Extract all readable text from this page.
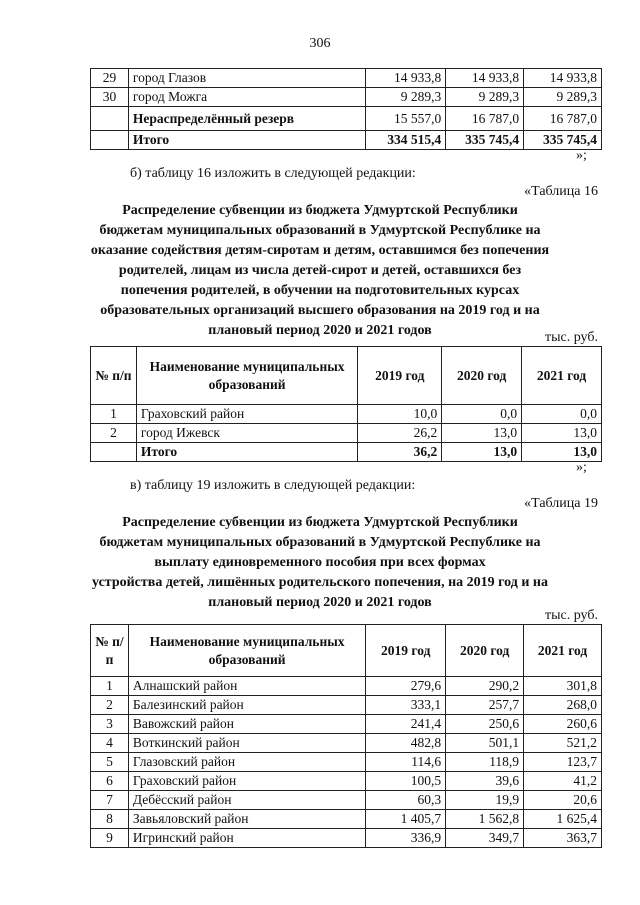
306
29	город Глазов	14 933,8	14 933,8	14 933,8
30	город Можга	9 289,3	9 289,3	9 289,3
	Нераспределённый резерв	15 557,0	16 787,0	16 787,0
	Итого	334 515,4	335 745,4	335 745,4
»;
б) таблицу 16 изложить в следующей редакции:
«Таблица 16
Распределение субвенции из бюджета Удмуртской Республики
бюджетам муниципальных образований в Удмуртской Республике на
оказание содействия детям-сиротам и детям, оставшимся без попечения
родителей, лицам из числа детей-сирот и детей, оставшихся без
попечения родителей, в обучении на подготовительных курсах
образовательных организаций высшего образования на 2019 год и на
плановый период 2020 и 2021 годов	тыс. руб.
№ п/п	Наименование муниципальных образований	2019 год	2020 год	2021 год
1	Граховский район	10,0	0,0	0,0
2	город Ижевск	26,2	13,0	13,0
	Итого	36,2	13,0	13,0
»;
в) таблицу 19 изложить в следующей редакции:
«Таблица 19
Распределение субвенции из бюджета Удмуртской Республики
бюджетам муниципальных образований в Удмуртской Республике на
выплату единовременного пособия при всех формах
устройства детей, лишённых родительского попечения, на 2019 год и на
плановый период 2020 и 2021 годов
тыс. руб.
№ п/п	Наименование муниципальных образований	2019 год	2020 год	2021 год
1	Алнашский район	279,6	290,2	301,8
2	Балезинский район	333,1	257,7	268,0
3	Вавожский район	241,4	250,6	260,6
4	Воткинский район	482,8	501,1	521,2
5	Глазовский район	114,6	118,9	123,7
6	Граховский район	100,5	39,6	41,2
7	Дебёсский район	60,3	19,9	20,6
8	Завьяловский район	1 405,7	1 562,8	1 625,4
9	Игринский район	336,9	349,7	363,7
